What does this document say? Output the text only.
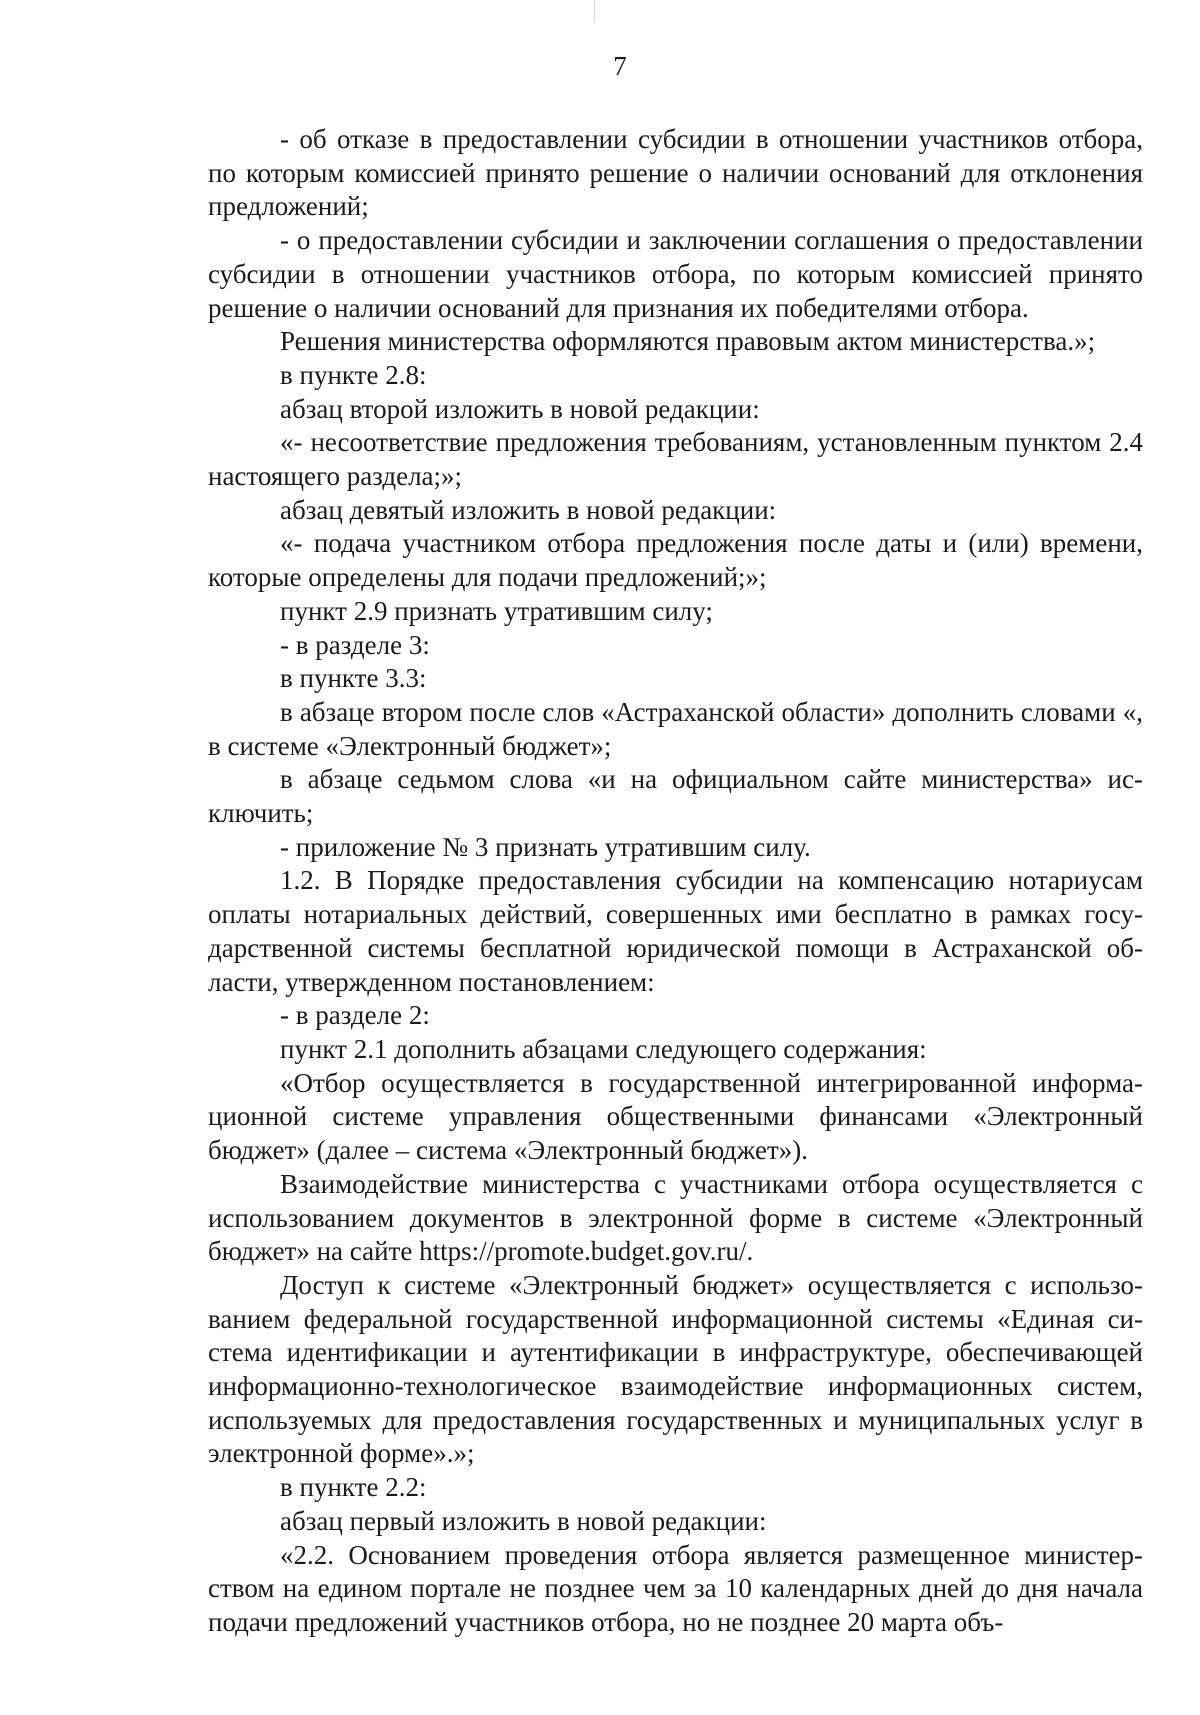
7

- об отказе в предоставлении субсидии в отношении участников отбора, по которым комиссией принято решение о наличии оснований для отклонения предложений;

- о предоставлении субсидии и заключении соглашения о предоставлении субсидии в отношении участников отбора, по которым комиссией принято решение о наличии оснований для признания их победителями отбора.

Решения министерства оформляются правовым актом министерства.»;

в пункте 2.8:

абзац второй изложить в новой редакции:

«- несоответствие предложения требованиям, установленным пунктом 2.4 настоящего раздела;»;

абзац девятый изложить в новой редакции:

«- подача участником отбора предложения после даты и (или) времени, которые определены для подачи предложений;»;

пункт 2.9 признать утратившим силу;

- в разделе 3:

в пункте 3.3:

в абзаце втором после слов «Астраханской области» дополнить словами «, в системе «Электронный бюджет»;

в абзаце седьмом слова «и на официальном сайте министерства» исключить;

- приложение № 3 признать утратившим силу.

1.2. В Порядке предоставления субсидии на компенсацию нотариусам оплаты нотариальных действий, совершенных ими бесплатно в рамках государственной системы бесплатной юридической помощи в Астраханской области, утвержденном постановлением:

- в разделе 2:

пункт 2.1 дополнить абзацами следующего содержания:

«Отбор осуществляется в государственной интегрированной информационной системе управления общественными финансами «Электронный бюджет» (далее – система «Электронный бюджет»).

Взаимодействие министерства с участниками отбора осуществляется с использованием документов в электронной форме в системе «Электронный бюджет» на сайте https://promote.budget.gov.ru/.

Доступ к системе «Электронный бюджет» осуществляется с использованием федеральной государственной информационной системы «Единая система идентификации и аутентификации в инфраструктуре, обеспечивающей информационно-технологическое взаимодействие информационных систем, используемых для предоставления государственных и муниципальных услуг в электронной форме».»;

в пункте 2.2:

абзац первый изложить в новой редакции:

«2.2. Основанием проведения отбора является размещенное министерством на едином портале не позднее чем за 10 календарных дней до дня начала подачи предложений участников отбора, но не позднее 20 марта объ-
